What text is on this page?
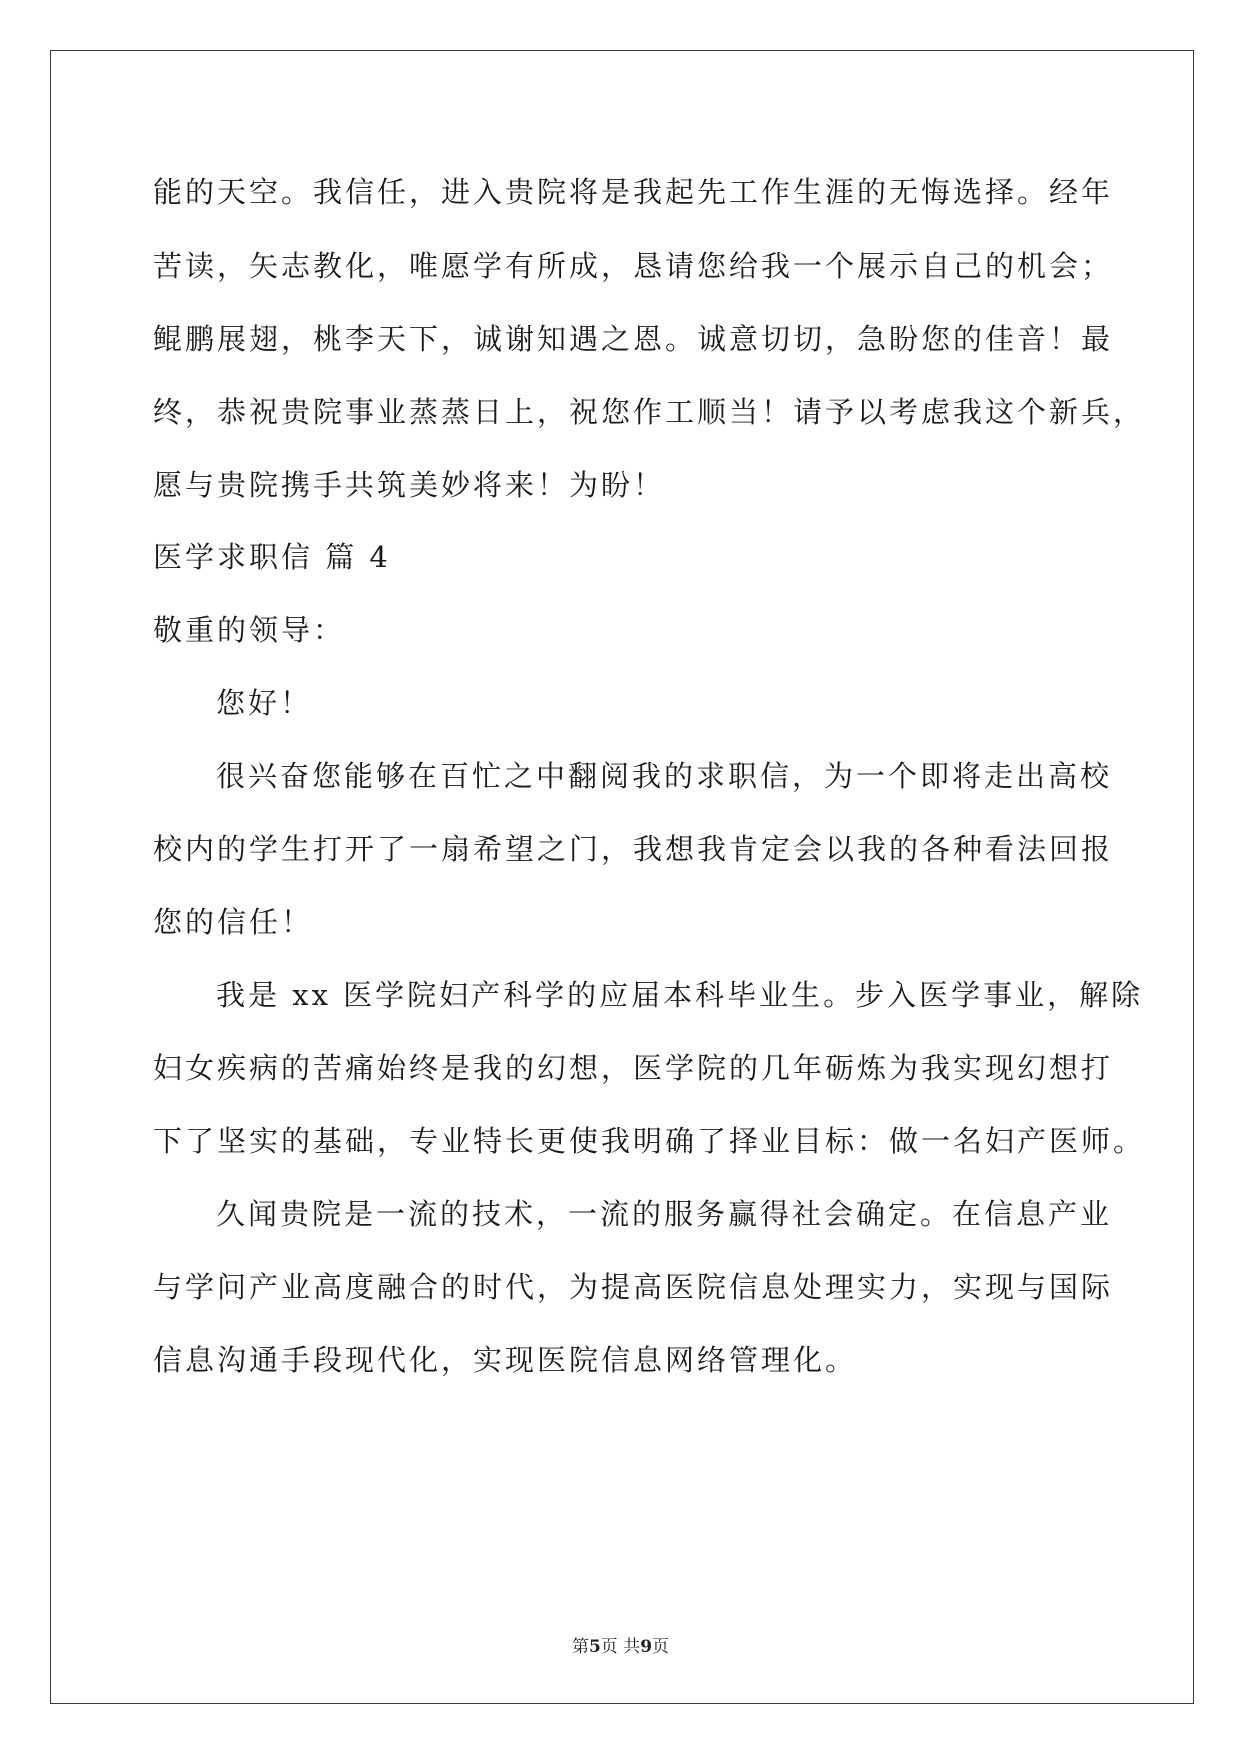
能的天空。我信任，进入贵院将是我起先工作生涯的无悔选择。经年
苦读，矢志教化，唯愿学有所成，恳请您给我一个展示自己的机会；
鲲鹏展翅，桃李天下，诚谢知遇之恩。诚意切切，急盼您的佳音！最
终，恭祝贵院事业蒸蒸日上，祝您作工顺当！请予以考虑我这个新兵，
愿与贵院携手共筑美妙将来！为盼！
医学求职信 篇 4
敬重的领导：
您好！
很兴奋您能够在百忙之中翻阅我的求职信，为一个即将走出高校
校内的学生打开了一扇希望之门，我想我肯定会以我的各种看法回报
您的信任！
我是 xx 医学院妇产科学的应届本科毕业生。步入医学事业，解除
妇女疾病的苦痛始终是我的幻想，医学院的几年砺炼为我实现幻想打
下了坚实的基础，专业特长更使我明确了择业目标：做一名妇产医师。
久闻贵院是一流的技术，一流的服务赢得社会确定。在信息产业
与学问产业高度融合的时代，为提高医院信息处理实力，实现与国际
信息沟通手段现代化，实现医院信息网络管理化。
第5页 共9页
